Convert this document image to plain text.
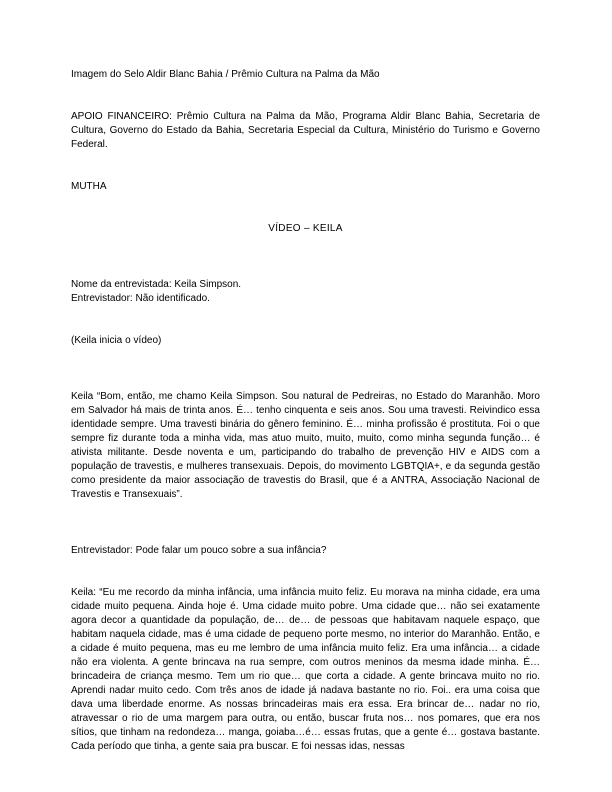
Imagem do Selo Aldir Blanc Bahia / Prêmio Cultura na Palma da Mão

APOIO FINANCEIRO: Prêmio Cultura na Palma da Mão, Programa Aldir Blanc Bahia, Secretaria de Cultura, Governo do Estado da Bahia, Secretaria Especial da Cultura, Ministério do Turismo e Governo Federal.

MUTHA

VÍDEO – KEILA

Nome da entrevistada: Keila Simpson.

Entrevistador: Não identificado.

(Keila inicia o vídeo)

Keila “Bom, então, me chamo Keila Simpson. Sou natural de Pedreiras, no Estado do Maranhão. Moro em Salvador há mais de trinta anos. É… tenho cinquenta e seis anos. Sou uma travesti. Reivindico essa identidade sempre. Uma travesti binária do gênero feminino. É… minha profissão é prostituta. Foi o que sempre fiz durante toda a minha vida, mas atuo muito, muito, muito, como minha segunda função… é ativista militante. Desde noventa e um, participando do trabalho de prevenção HIV e AIDS com a população de travestis, e mulheres transexuais. Depois, do movimento LGBTQIA+, e da segunda gestão como presidente da maior associação de travestis do Brasil, que é a ANTRA, Associação Nacional de Travestis e Transexuais”.

Entrevistador: Pode falar um pouco sobre a sua infância?

Keila: “Eu me recordo da minha infância, uma infância muito feliz. Eu morava na minha cidade, era uma cidade muito pequena. Ainda hoje é. Uma cidade muito pobre. Uma cidade que… não sei exatamente agora decor a quantidade da população, de… de… de pessoas que habitavam naquele espaço, que habitam naquela cidade, mas é uma cidade de pequeno porte mesmo, no interior do Maranhão. Então, e a cidade é muito pequena, mas eu me lembro de uma infância muito feliz. Era uma infância… a cidade não era violenta. A gente brincava na rua sempre, com outros meninos da mesma idade minha. É… brincadeira de criança mesmo. Tem um rio que… que corta a cidade. A gente brincava muito no rio. Aprendi nadar muito cedo. Com três anos de idade já nadava bastante no rio. Foi.. era uma coisa que dava uma liberdade enorme. As nossas brincadeiras mais era essa. Era brincar de… nadar no rio, atravessar o rio de uma margem para outra, ou então, buscar fruta nos… nos pomares, que era nos sítios, que tinham na redondeza… manga, goiaba…é… essas frutas, que a gente é… gostava bastante. Cada período que tinha, a gente saia pra buscar. E foi nessas idas, nessas
